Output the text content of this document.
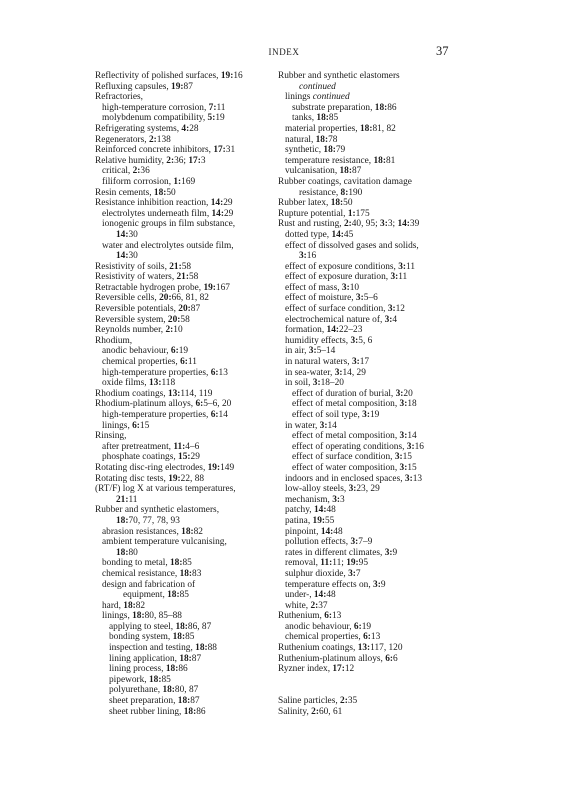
INDEX	37
Reflectivity of polished surfaces, 19:16
Refluxing capsules, 19:87
Refractories,
high-temperature corrosion, 7:11
molybdenum compatibility, 5:19
Refrigerating systems, 4:28
Regenerators, 2:138
Reinforced concrete inhibitors, 17:31
Relative humidity, 2:36; 17:3
critical, 2:36
filiform corrosion, 1:169
Resin cements, 18:50
Resistance inhibition reaction, 14:29
electrolytes underneath film, 14:29
ionogenic groups in film substance,
14:30
water and electrolytes outside film,
14:30
Resistivity of soils, 21:58
Resistivity of waters, 21:58
Retractable hydrogen probe, 19:167
Reversible cells, 20:66, 81, 82
Reversible potentials, 20:87
Reversible system, 20:58
Reynolds number, 2:10
Rhodium,
anodic behaviour, 6:19
chemical properties, 6:11
high-temperature properties, 6:13
oxide films, 13:118
Rhodium coatings, 13:114, 119
Rhodium-platinum alloys, 6:5–6, 20
high-temperature properties, 6:14
linings, 6:15
Rinsing,
after pretreatment, 11:4–6
phosphate coatings, 15:29
Rotating disc-ring electrodes, 19:149
Rotating disc tests, 19:22, 88
(RT/F) log X at various temperatures,
21:11
Rubber and synthetic elastomers,
18:70, 77, 78, 93
abrasion resistances, 18:82
ambient temperature vulcanising,
18:80
bonding to metal, 18:85
chemical resistance, 18:83
design and fabrication of
equipment, 18:85
hard, 18:82
linings, 18:80, 85–88
applying to steel, 18:86, 87
bonding system, 18:85
inspection and testing, 18:88
lining application, 18:87
lining process, 18:86
pipework, 18:85
polyurethane, 18:80, 87
sheet preparation, 18:87
sheet rubber lining, 18:86
Rubber and synthetic elastomers
continued
linings continued
substrate preparation, 18:86
tanks, 18:85
material properties, 18:81, 82
natural, 18:78
synthetic, 18:79
temperature resistance, 18:81
vulcanisation, 18:87
Rubber coatings, cavitation damage
resistance, 8:190
Rubber latex, 18:50
Rupture potential, 1:175
Rust and rusting, 2:40, 95; 3:3; 14:39
dotted type, 14:45
effect of dissolved gases and solids,
3:16
effect of exposure conditions, 3:11
effect of exposure duration, 3:11
effect of mass, 3:10
effect of moisture, 3:5–6
effect of surface condition, 3:12
electrochemical nature of, 3:4
formation, 14:22–23
humidity effects, 3:5, 6
in air, 3:5–14
in natural waters, 3:17
in sea-water, 3:14, 29
in soil, 3:18–20
effect of duration of burial, 3:20
effect of metal composition, 3:18
effect of soil type, 3:19
in water, 3:14
effect of metal composition, 3:14
effect of operating conditions, 3:16
effect of surface condition, 3:15
effect of water composition, 3:15
indoors and in enclosed spaces, 3:13
low-alloy steels, 3:23, 29
mechanism, 3:3
patchy, 14:48
patina, 19:55
pinpoint, 14:48
pollution effects, 3:7–9
rates in different climates, 3:9
removal, 11:11; 19:95
sulphur dioxide, 3:7
temperature effects on, 3:9
under-, 14:48
white, 2:37
Ruthenium, 6:13
anodic behaviour, 6:19
chemical properties, 6:13
Ruthenium coatings, 13:117, 120
Ruthenium-platinum alloys, 6:6
Ryzner index, 17:12
Saline particles, 2:35
Salinity, 2:60, 61
